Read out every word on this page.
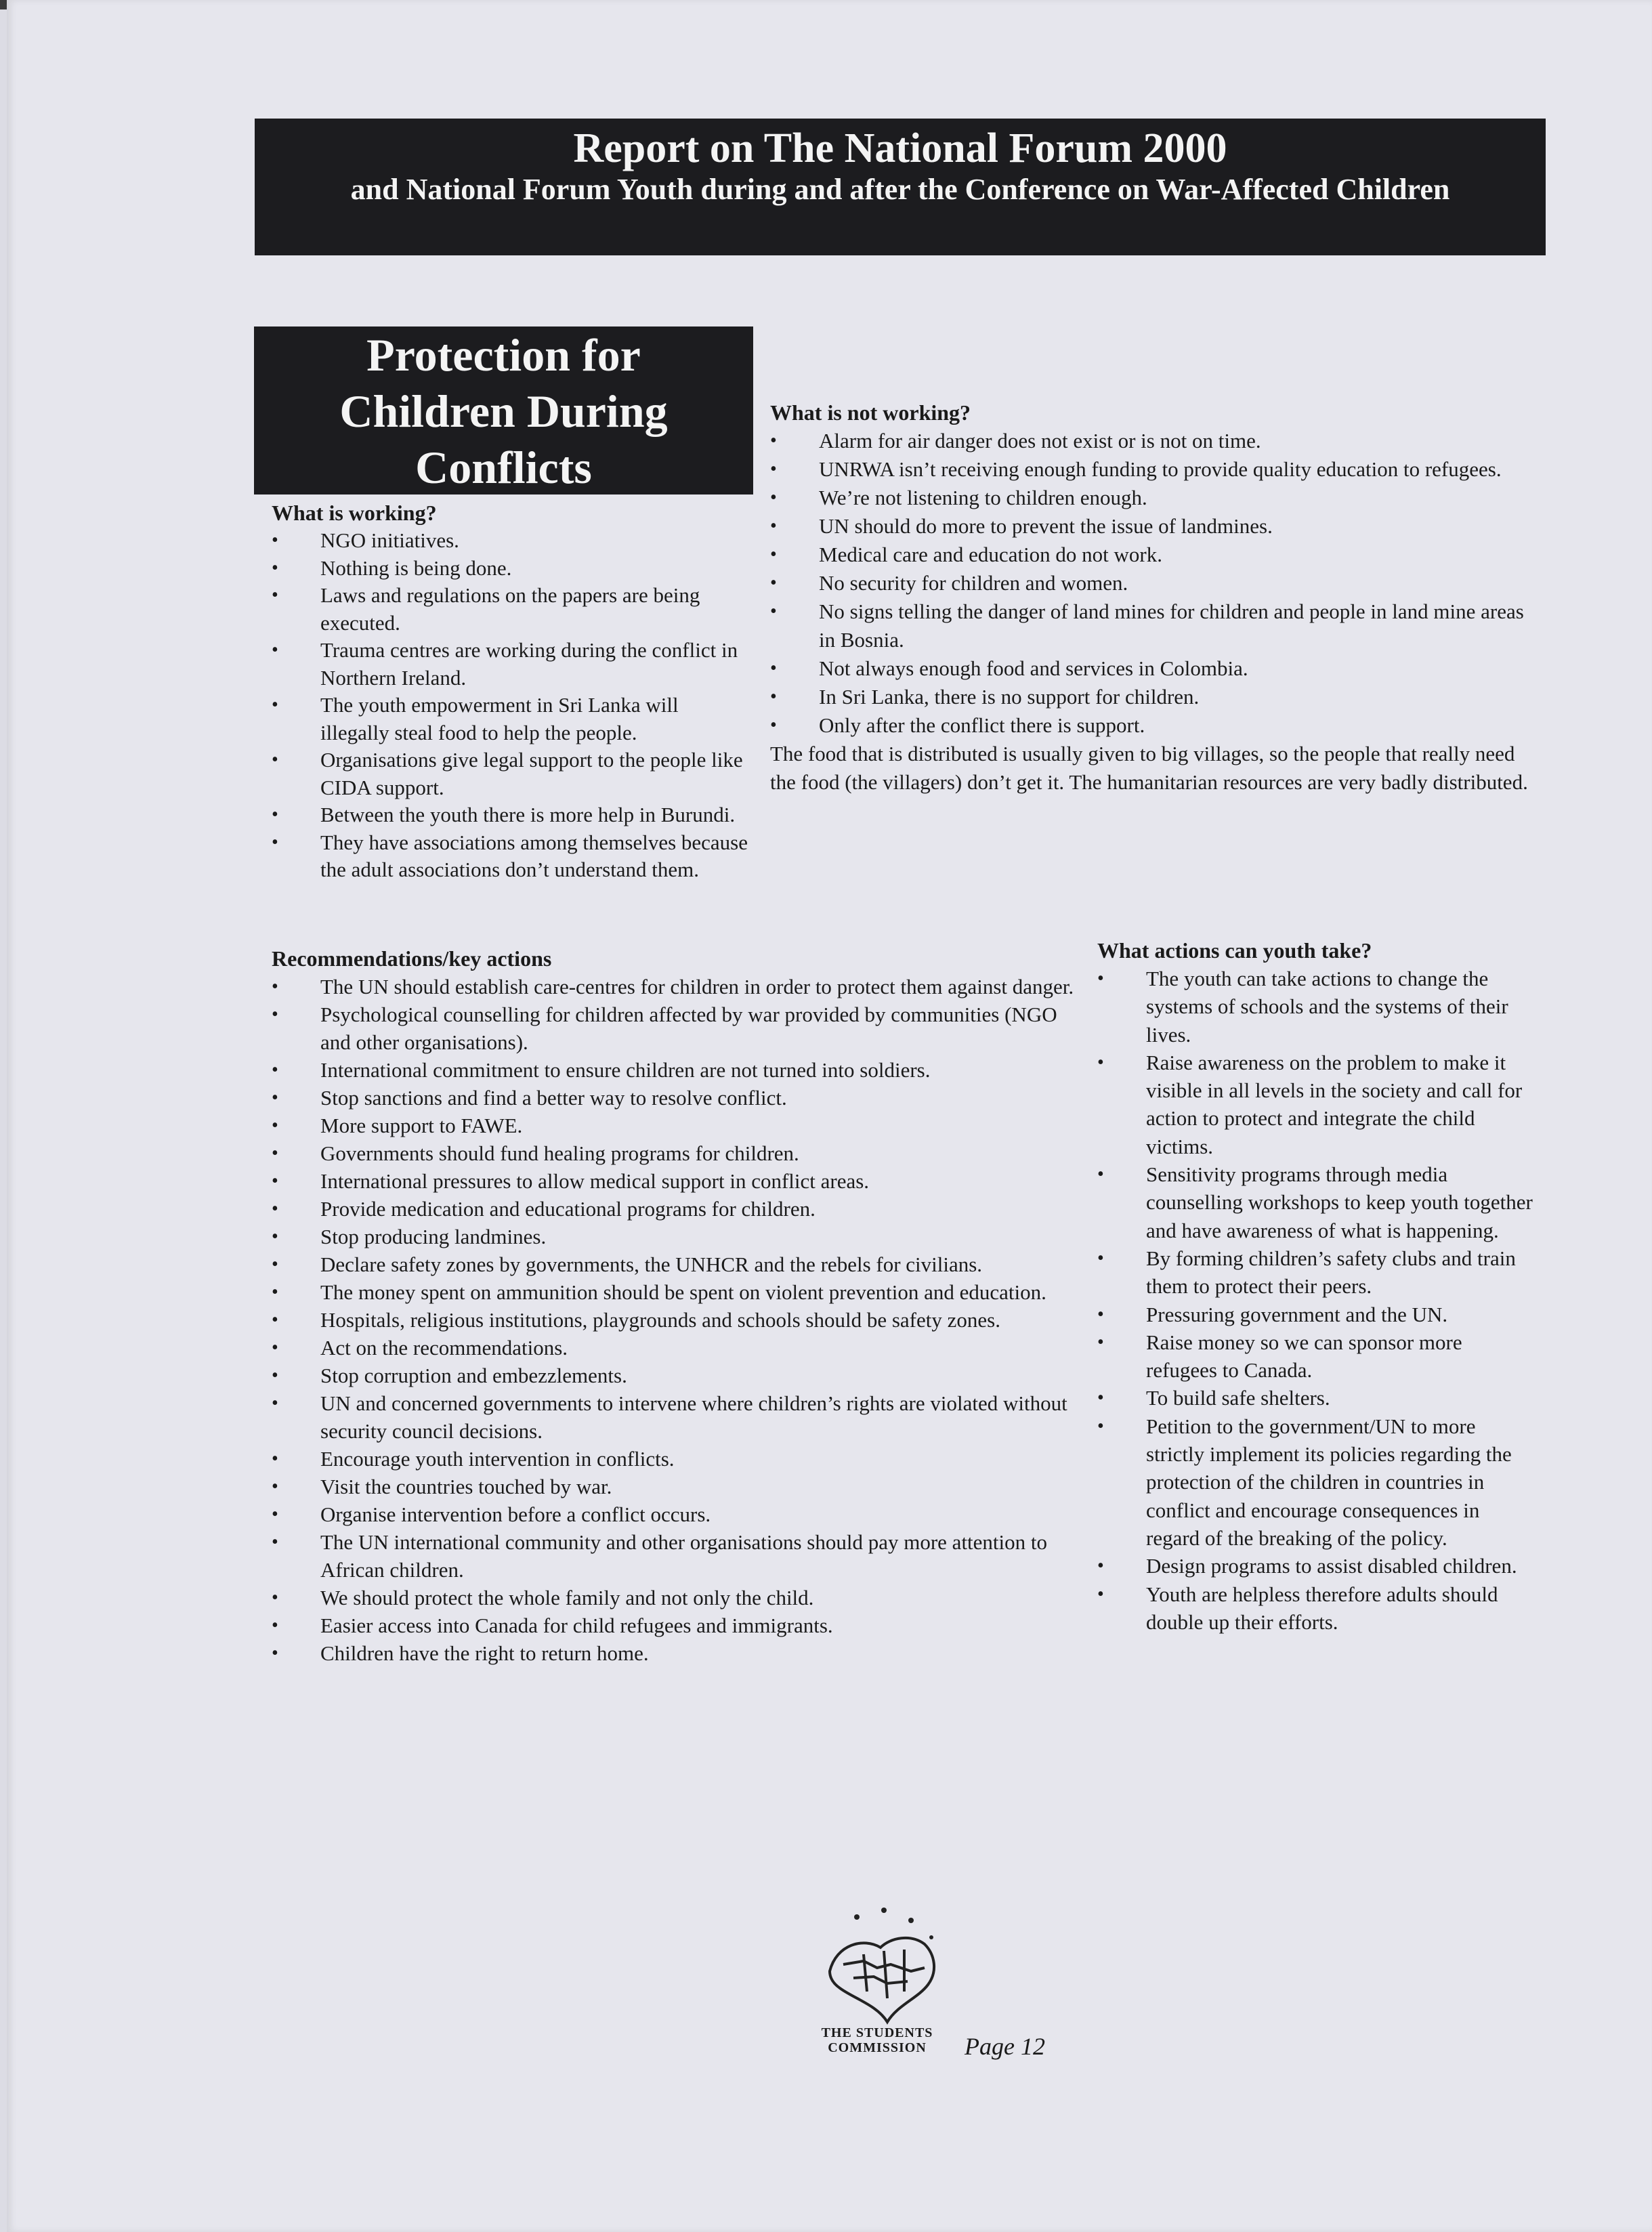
Report on The National Forum 2000
and National Forum Youth during and after the Conference on War-Affected Children
Protection for
Children During
Conflicts
What is working?
• NGO initiatives.
• Nothing is being done.
• Laws and regulations on the papers are being executed.
• Trauma centres are working during the conflict in Northern Ireland.
• The youth empowerment in Sri Lanka will illegally steal food to help the people.
• Organisations give legal support to the people like CIDA support.
• Between the youth there is more help in Burundi.
• They have associations among themselves because the adult associations don’t understand them.
What is not working?
• Alarm for air danger does not exist or is not on time.
• UNRWA isn’t receiving enough funding to provide quality education to refugees.
• We’re not listening to children enough.
• UN should do more to prevent the issue of landmines.
• Medical care and education do not work.
• No security for children and women.
• No signs telling the danger of land mines for children and people in land mine areas in Bosnia.
• Not always enough food and services in Colombia.
• In Sri Lanka, there is no support for children.
• Only after the conflict there is support.

The food that is distributed is usually given to big villages, so the people that really need the food (the villagers) don’t get it. The humanitarian resources are very badly distributed.

Recommendations/key actions
• The UN should establish care-centres for children in order to protect them against danger.
• Psychological counselling for children affected by war provided by communities (NGO and other organisations).
• International commitment to ensure children are not turned into soldiers.
• Stop sanctions and find a better way to resolve conflict.
• More support to FAWE.
• Governments should fund healing programs for children.
• International pressures to allow medical support in conflict areas.
• Provide medication and educational programs for children.
• Stop producing landmines.
• Declare safety zones by governments, the UNHCR and the rebels for civilians.
• The money spent on ammunition should be spent on violent prevention and education.
• Hospitals, religious institutions, playgrounds and schools should be safety zones.
• Act on the recommendations.
• Stop corruption and embezzlements.
• UN and concerned governments to intervene where children’s rights are violated without security council decisions.
• Encourage youth intervention in conflicts.
• Visit the countries touched by war.
• Organise intervention before a conflict occurs.
• The UN international community and other organisations should pay more attention to African children.
• We should protect the whole family and not only the child.
• Easier access into Canada for child refugees and immigrants.
• Children have the right to return home.
What actions can youth take?
• The youth can take actions to change the systems of schools and the systems of their lives.
• Raise awareness on the problem to make it visible in all levels in the society and call for action to protect and integrate the child victims.
• Sensitivity programs through media counselling workshops to keep youth together and have awareness of what is happening.
• By forming children’s safety clubs and train them to protect their peers.
• Pressuring government and the UN.
• Raise money so we can sponsor more refugees to Canada.
• To build safe shelters.
• Petition to the government/UN to more strictly implement its policies regarding the protection of the children in countries in conflict and encourage consequences in regard of the breaking of the policy.
• Design programs to assist disabled children.
• Youth are helpless therefore adults should double up their efforts.
THE STUDENTS
COMMISSION	Page 12
